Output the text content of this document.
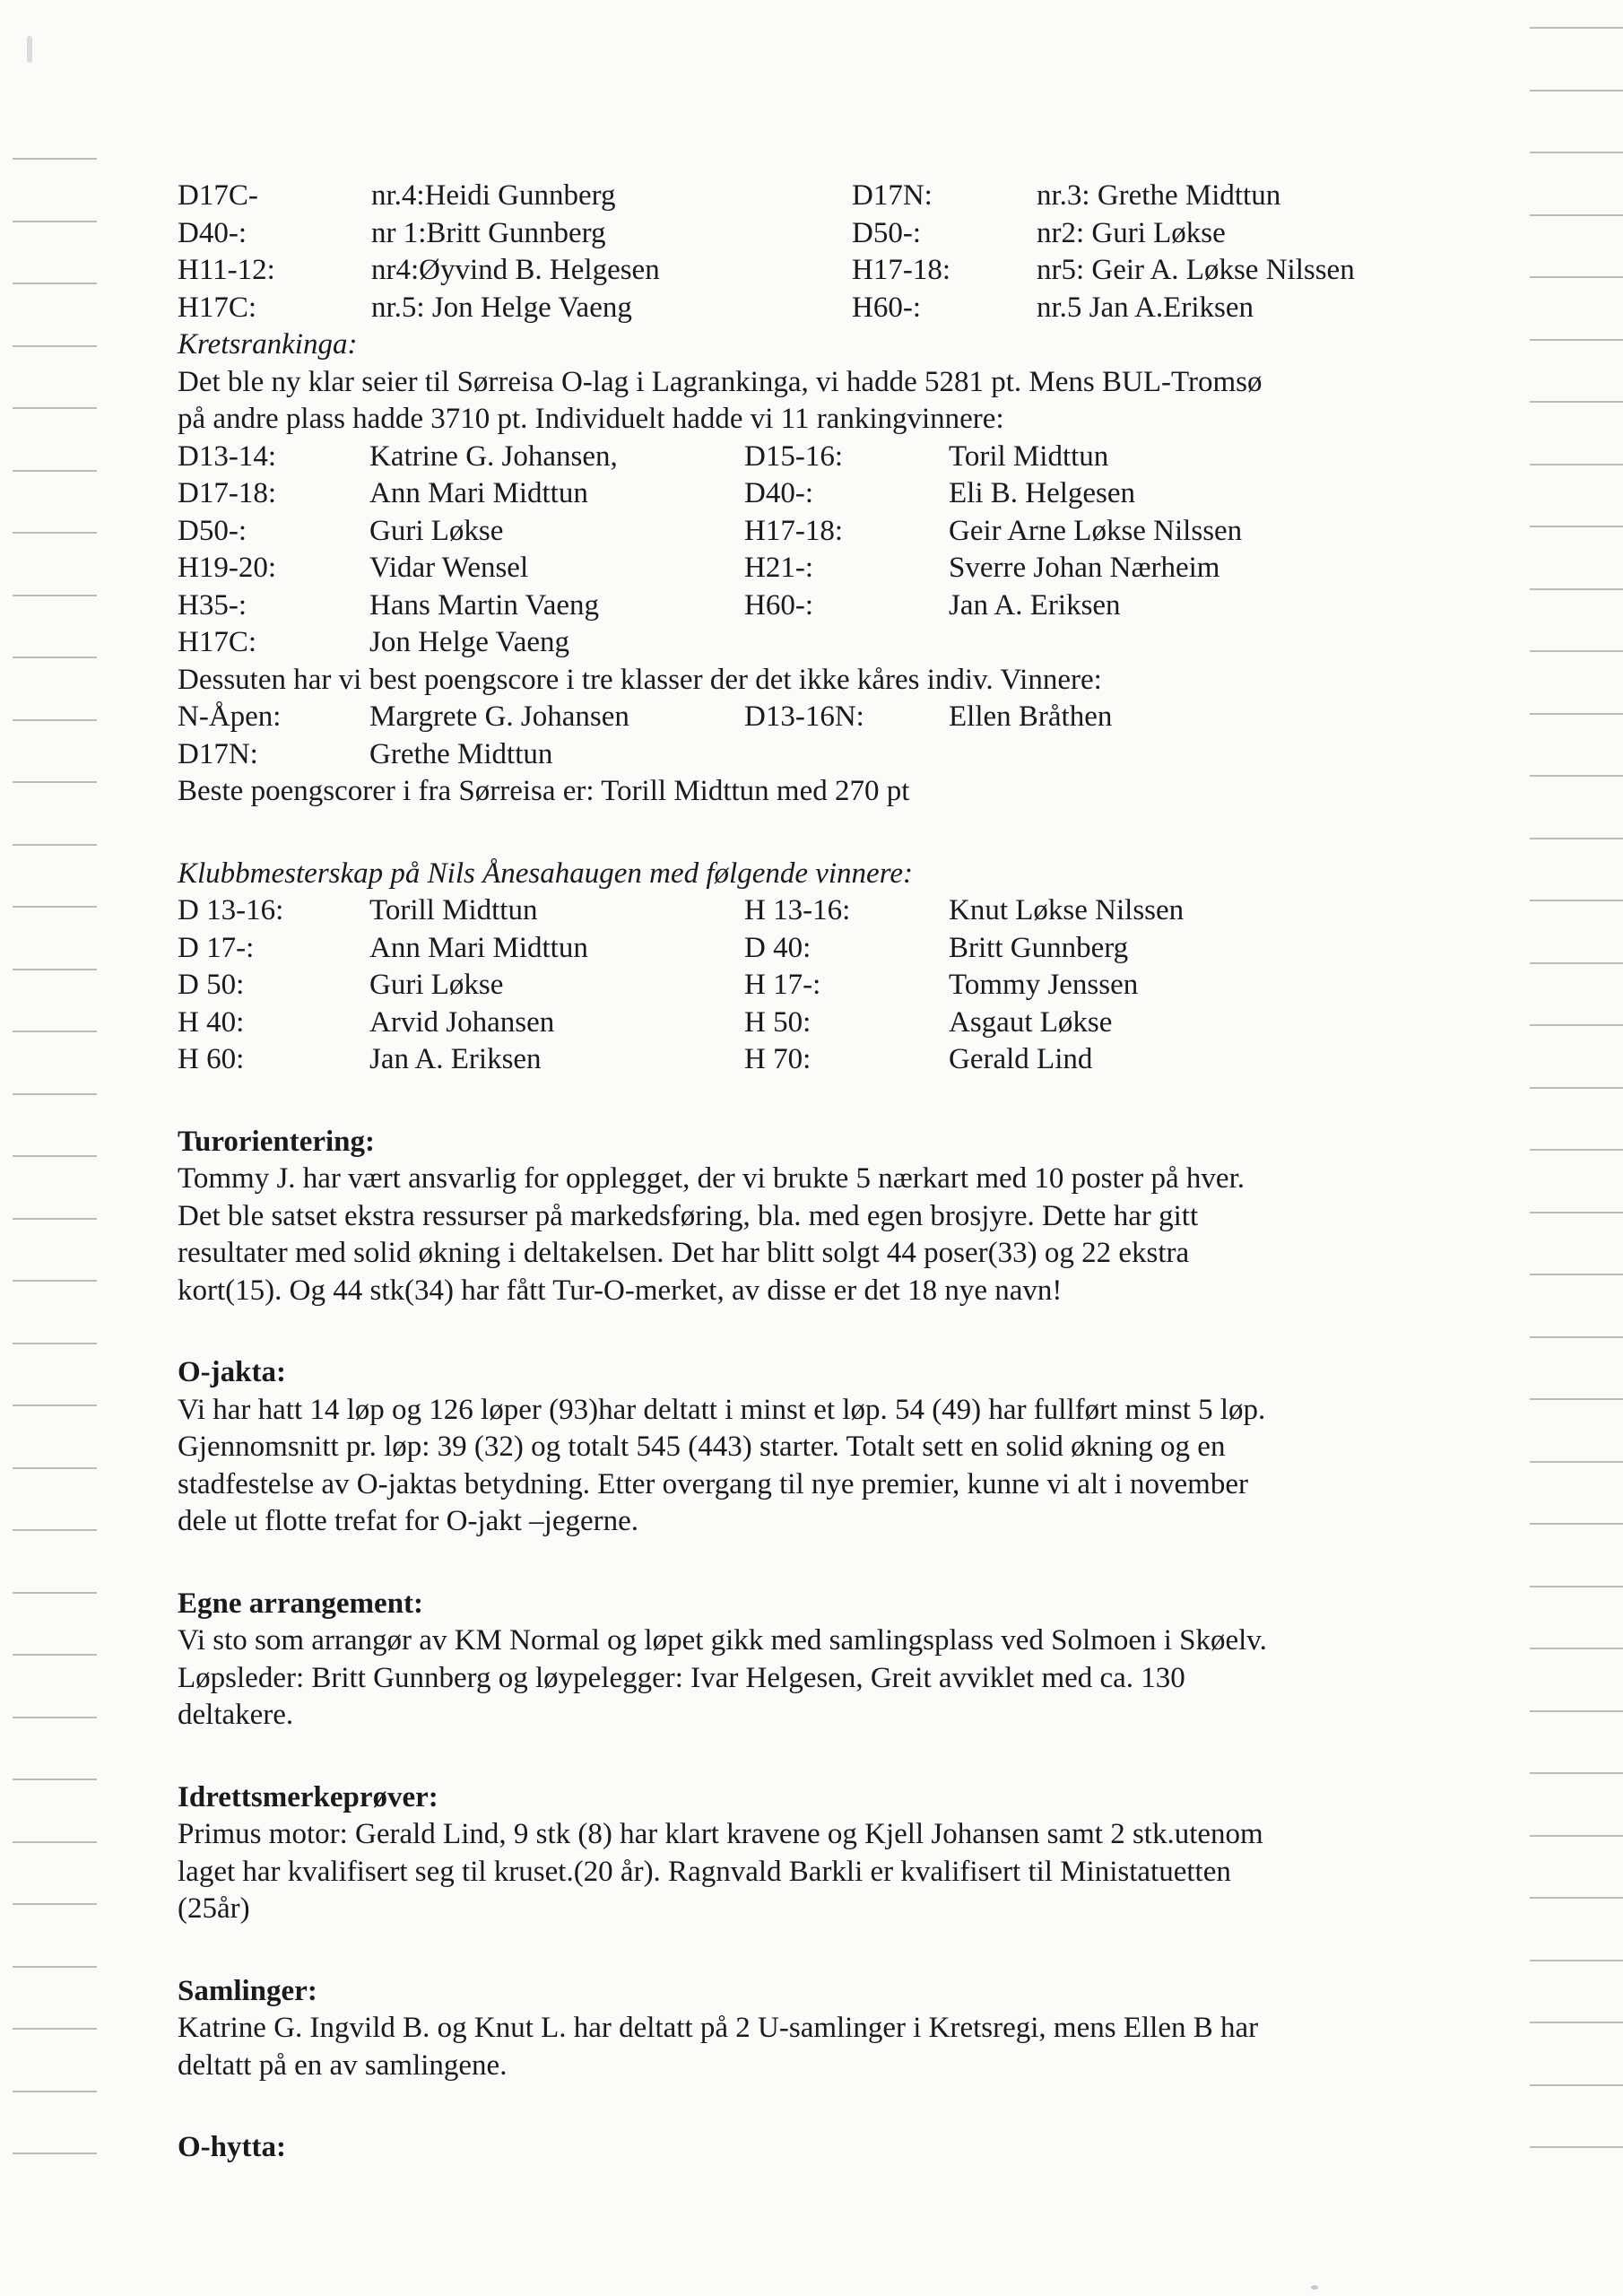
D17C-	nr.4:Heidi Gunnberg	D17N:	nr.3: Grethe Midttun
D40-:	nr 1:Britt Gunnberg	D50-:	nr2: Guri Løkse
H11-12:	nr4:Øyvind B. Helgesen	H17-18:	nr5: Geir A. Løkse Nilssen
H17C:	nr.5: Jon Helge Vaeng	H60-:	nr.5 Jan A.Eriksen
Kretsrankinga:
Det ble ny klar seier til Sørreisa O-lag i Lagrankinga, vi hadde 5281 pt. Mens BUL-Tromsø
på andre plass hadde 3710 pt. Individuelt hadde vi 11 rankingvinnere:
D13-14:	Katrine G. Johansen,	D15-16:	Toril Midttun
D17-18:	Ann Mari Midttun	D40-:	Eli B. Helgesen
D50-:	Guri Løkse	H17-18:	Geir Arne Løkse Nilssen
H19-20:	Vidar Wensel	H21-:	Sverre Johan Nærheim
H35-:	Hans Martin Vaeng	H60-:	Jan A. Eriksen
H17C:	Jon Helge Vaeng
Dessuten har vi best poengscore i tre klasser der det ikke kåres indiv. Vinnere:
N-Åpen:	Margrete G. Johansen	D13-16N:	Ellen Bråthen
D17N:	Grethe Midttun
Beste poengscorer i fra Sørreisa er: Torill Midttun med 270 pt
Klubbmesterskap på Nils Ånesahaugen med følgende vinnere:
D 13-16:	Torill Midttun	H 13-16:	Knut Løkse Nilssen
D 17-:	Ann Mari Midttun	D 40:	Britt Gunnberg
D 50:	Guri Løkse	H 17-:	Tommy Jenssen
H 40:	Arvid Johansen	H 50:	Asgaut Løkse
H 60:	Jan A. Eriksen	H 70:	Gerald Lind
Turorientering:

Tommy J. har vært ansvarlig for opplegget, der vi brukte 5 nærkart med 10 poster på hver.

Det ble satset ekstra ressurser på markedsføring, bla. med egen brosjyre. Dette har gitt

resultater med solid økning i deltakelsen. Det har blitt solgt 44 poser(33) og 22 ekstra

kort(15). Og 44 stk(34) har fått Tur-O-merket, av disse er det 18 nye navn!

O-jakta:

Vi har hatt 14 løp og 126 løper (93)har deltatt i minst et løp. 54 (49) har fullført minst 5 løp.

Gjennomsnitt pr. løp: 39 (32) og totalt 545 (443) starter. Totalt sett en solid økning og en

stadfestelse av O-jaktas betydning. Etter overgang til nye premier, kunne vi alt i november

dele ut flotte trefat for O-jakt –jegerne.

Egne arrangement:

Vi sto som arrangør av KM Normal og løpet gikk med samlingsplass ved Solmoen i Skøelv.

Løpsleder: Britt Gunnberg og løypelegger: Ivar Helgesen, Greit avviklet med ca. 130

deltakere.

Idrettsmerkeprøver:

Primus motor: Gerald Lind, 9 stk (8) har klart kravene og Kjell Johansen samt 2 stk.utenom

laget har kvalifisert seg til kruset.(20 år). Ragnvald Barkli er kvalifisert til Ministatuetten

(25år)

Samlinger:

Katrine G. Ingvild B. og Knut L. har deltatt på 2 U-samlinger i Kretsregi, mens Ellen B har

deltatt på en av samlingene.

O-hytta:
